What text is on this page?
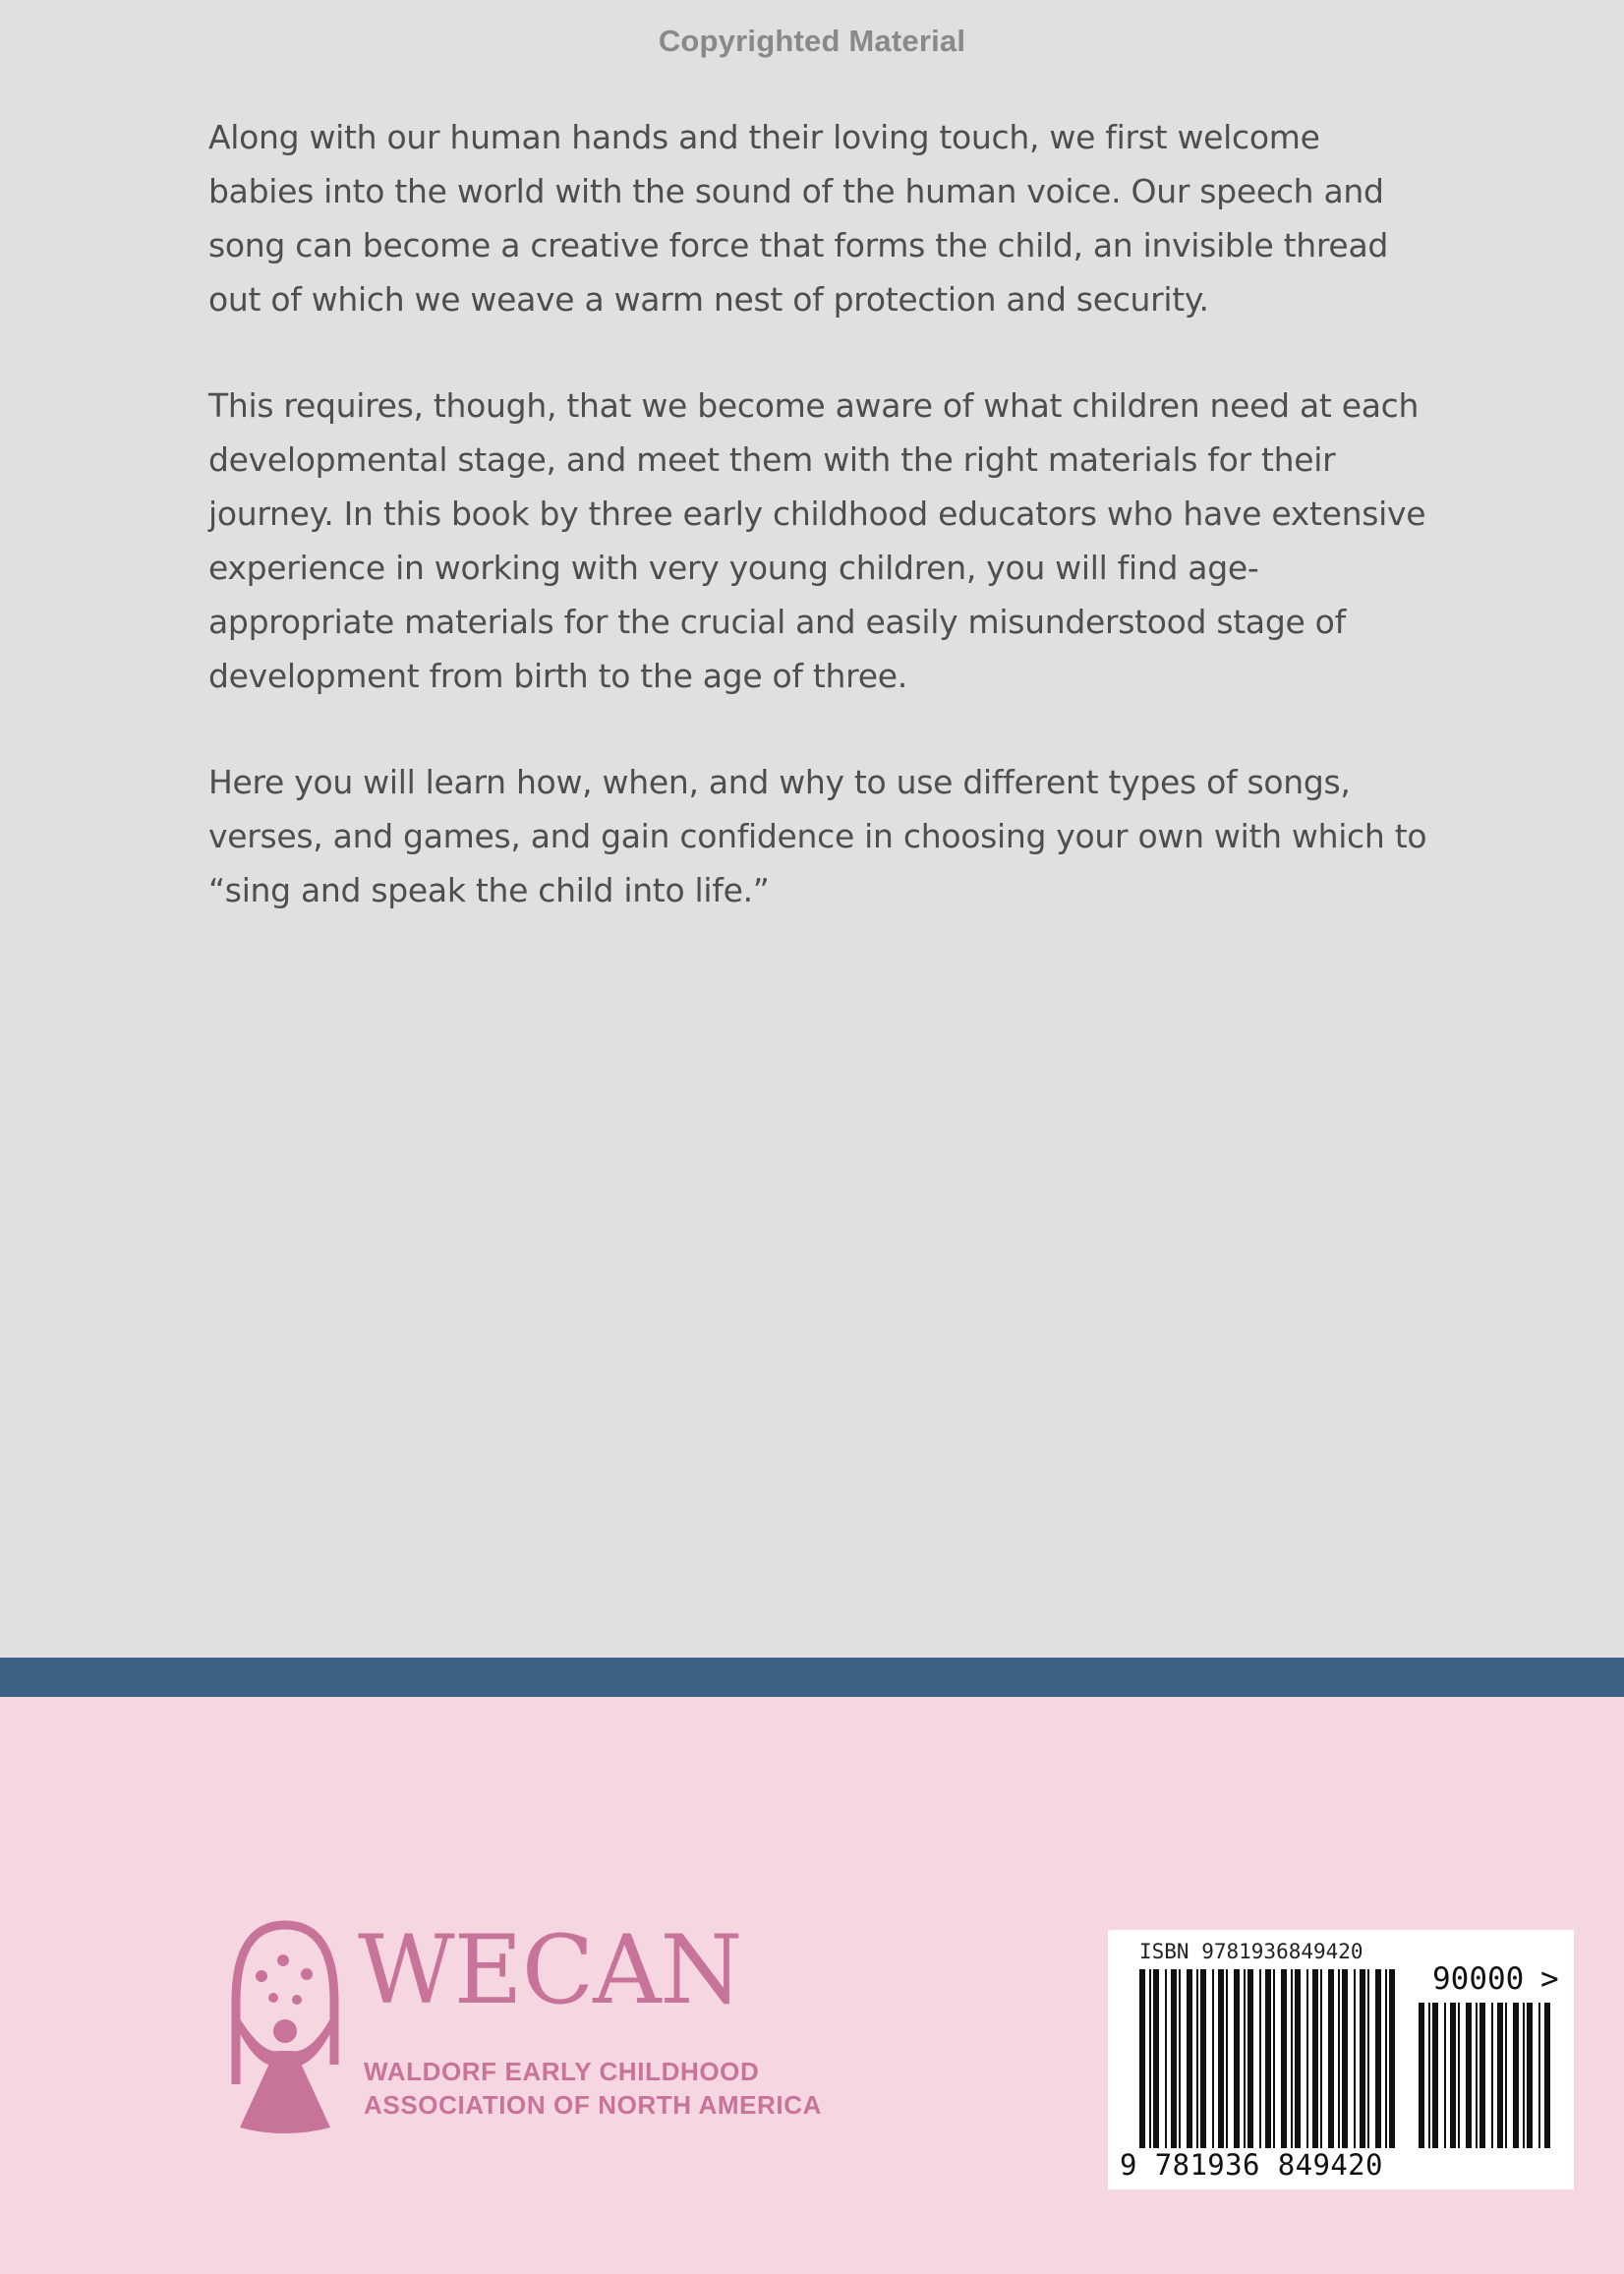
Copyrighted Material

Along with our human hands and their loving touch, we first welcome babies into the world with the sound of the human voice. Our speech and song can become a creative force that forms the child, an invisible thread out of which we weave a warm nest of protection and security.

This requires, though, that we become aware of what children need at each developmental stage, and meet them with the right materials for their journey. In this book by three early childhood educators who have extensive experience in working with very young children, you will find age-appropriate materials for the crucial and easily misunderstood stage of development from birth to the age of three.

Here you will learn how, when, and why to use different types of songs, verses, and games, and gain confidence in choosing your own with which to “sing and speak the child into life.”

WECAN
WALDORF EARLY CHILDHOOD
ASSOCIATION OF NORTH AMERICA
ISBN 9781936849420
90000 >
9 781936 849420
